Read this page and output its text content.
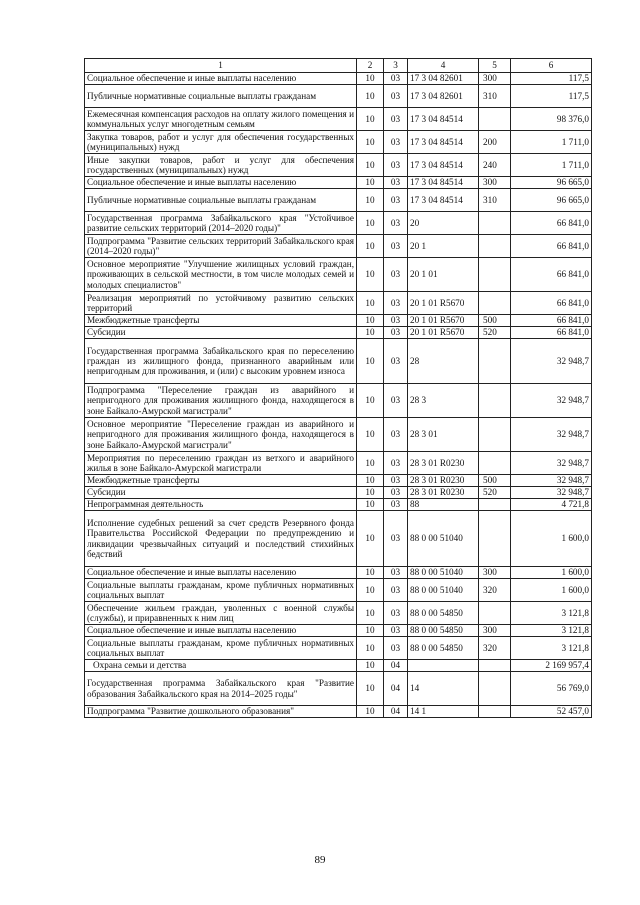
1	2	3	4	5	6
Социальное обеспечение и иные выплаты населению	10	03	17 3 04 82601	300	117,5
Публичные нормативные социальные выплаты гражданам	10	03	17 3 04 82601	310	117,5
Ежемесячная компенсация расходов на оплату жилого помещения и коммунальных услуг многодетным семьям	10	03	17 3 04 84514		98 376,0
Закупка товаров, работ и услуг для обеспечения государственных (муниципальных) нужд	10	03	17 3 04 84514	200	1 711,0
Иные закупки товаров, работ и услуг для обеспечения государственных (муниципальных) нужд	10	03	17 3 04 84514	240	1 711,0
Социальное обеспечение и иные выплаты населению	10	03	17 3 04 84514	300	96 665,0
Публичные нормативные социальные выплаты гражданам	10	03	17 3 04 84514	310	96 665,0
Государственная программа Забайкальского края "Устойчивое развитие сельских территорий (2014–2020 годы)"	10	03	20		66 841,0
Подпрограмма "Развитие сельских территорий Забайкальского края (2014–2020 годы)"	10	03	20 1		66 841,0
Основное мероприятие "Улучшение жилищных условий граждан, проживающих в сельской местности, в том числе молодых семей и молодых специалистов"	10	03	20 1 01		66 841,0
Реализация мероприятий по устойчивому развитию сельских территорий	10	03	20 1 01 R5670		66 841,0
Межбюджетные трансферты	10	03	20 1 01 R5670	500	66 841,0
Субсидии	10	03	20 1 01 R5670	520	66 841,0
Государственная программа Забайкальского края по переселению граждан из жилищного фонда, признанного аварийным или непригодным для проживания, и (или) с высоким уровнем износа	10	03	28		32 948,7
Подпрограмма "Переселение граждан из аварийного и непригодного для проживания жилищного фонда, находящегося в зоне Байкало-Амурской магистрали"	10	03	28 3		32 948,7
Основное мероприятие "Переселение граждан из аварийного и непригодного для проживания жилищного фонда, находящегося в зоне Байкало-Амурской магистрали"	10	03	28 3 01		32 948,7
Мероприятия по переселению граждан из ветхого и аварийного жилья в зоне Байкало-Амурской магистрали	10	03	28 3 01 R0230		32 948,7
Межбюджетные трансферты	10	03	28 3 01 R0230	500	32 948,7
Субсидии	10	03	28 3 01 R0230	520	32 948,7
Непрограммная деятельность	10	03	88		4 721,8
Исполнение судебных решений за счет средств Резервного фонда Правительства Российской Федерации по предупреждению и ликвидации чрезвычайных ситуаций и последствий стихийных бедствий	10	03	88 0 00 51040		1 600,0
Социальное обеспечение и иные выплаты населению	10	03	88 0 00 51040	300	1 600,0
Социальные выплаты гражданам, кроме публичных нормативных социальных выплат	10	03	88 0 00 51040	320	1 600,0
Обеспечение жильем граждан, уволенных с военной службы (службы), и приравненных к ним лиц	10	03	88 0 00 54850		3 121,8
Социальное обеспечение и иные выплаты населению	10	03	88 0 00 54850	300	3 121,8
Социальные выплаты гражданам, кроме публичных нормативных социальных выплат	10	03	88 0 00 54850	320	3 121,8
Охрана семьи и детства	10	04			2 169 957,4
Государственная программа Забайкальского края "Развитие образования Забайкальского края на 2014–2025 годы"	10	04	14		56 769,0
Подпрограмма "Развитие дошкольного образования"	10	04	14 1		52 457,0
89
